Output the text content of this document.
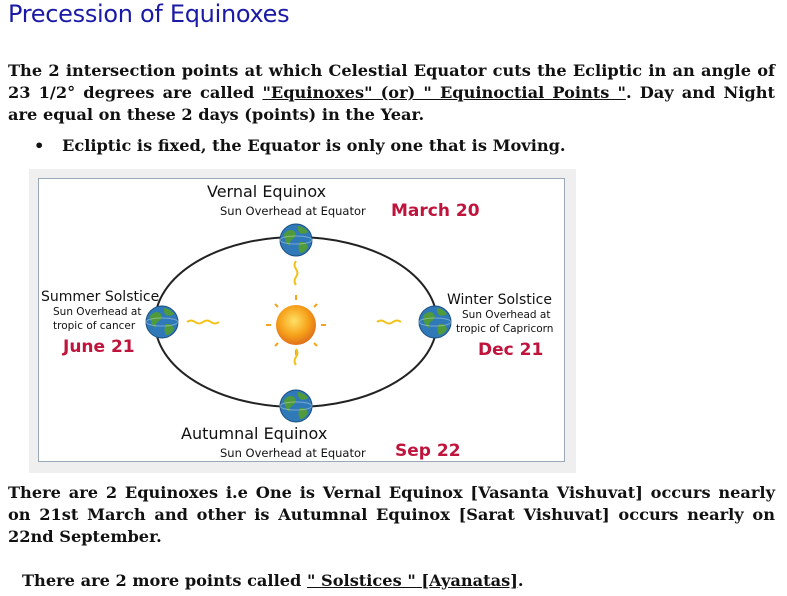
Precession of Equinoxes

The 2 intersection points at which Celestial Equator cuts the Ecliptic in an angle of 23 1/2° degrees are called "Equinoxes" (or) " Equinoctial Points ". Day and Night are equal on these 2 days (points) in the Year.

• Ecliptic is fixed, the Equator is only one that is Moving.

Vernal Equinox
Sun Overhead at Equator March 20
Summer Solstice
Sun Overhead at
tropic of cancer
June 21
Winter Solstice
Sun Overhead at
tropic of Capricorn
Dec 21
Autumnal Equinox
Sun Overhead at Equator Sep 22

There are 2 Equinoxes i.e One is Vernal Equinox [Vasanta Vishuvat] occurs nearly on 21st March and other is Autumnal Equinox [Sarat Vishuvat] occurs nearly on 22nd September.

There are 2 more points called " Solstices " [Ayanatas].
